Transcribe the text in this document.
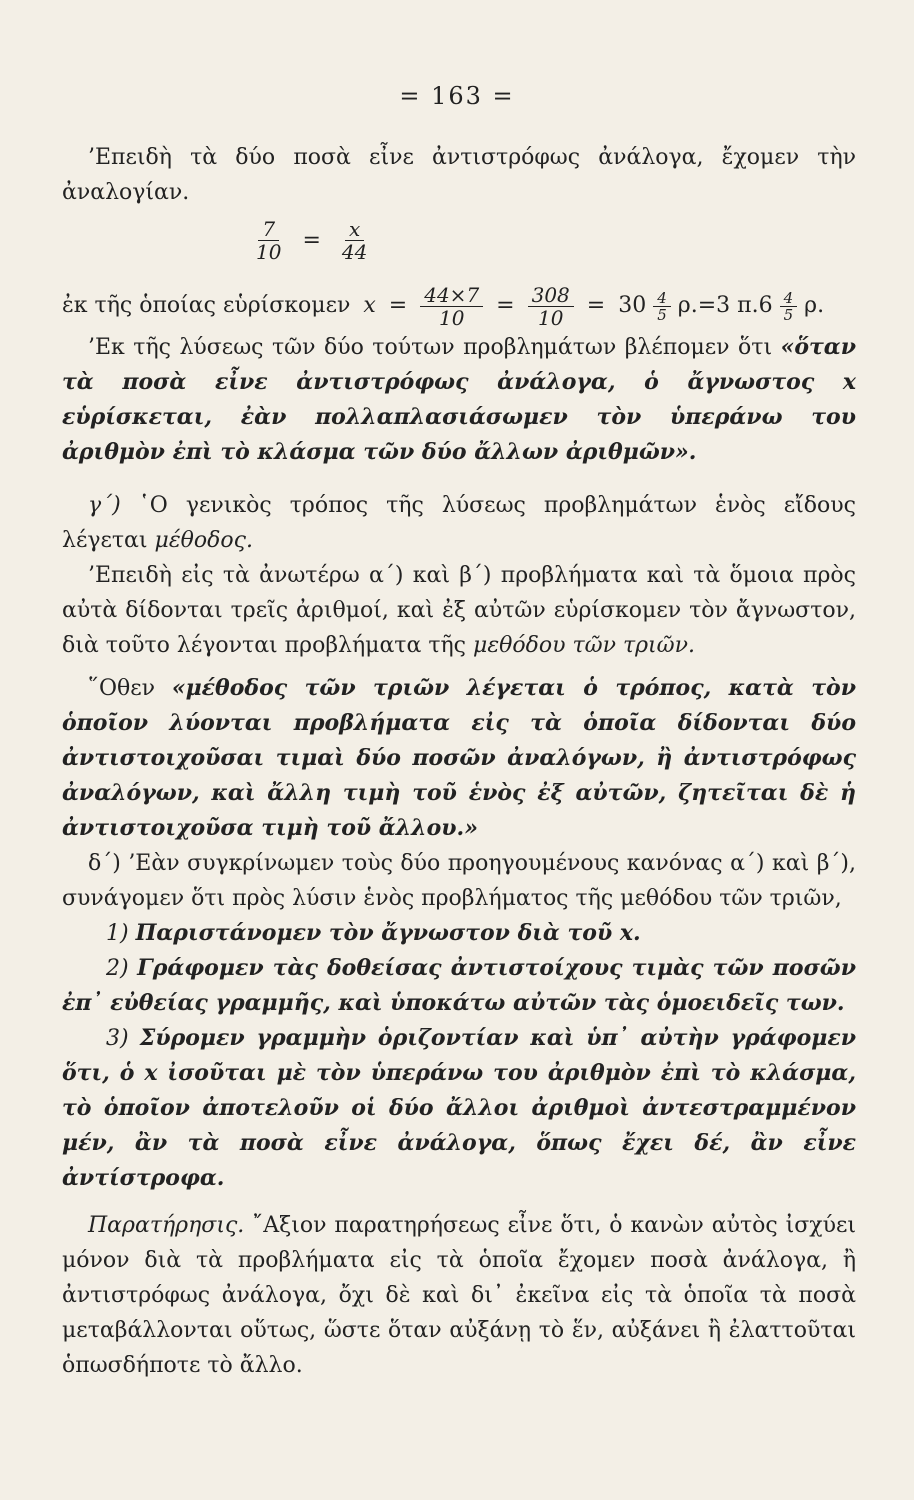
= 163 =

’Επειδὴ τὰ δύο ποσὰ εἶνε ἀντιστρόφως ἀνάλογα, ἔχομεν τὴν ἀναλογίαν.

$\frac{7}{10} = \frac{x}{44}$

ἐκ τῆς ὁποίας εὑρίσκομεν $x = \frac{44\times 7}{10} = \frac{308}{10} = 30 \frac{4}{5} \rho.=3$ $\pi.6 \frac{4}{5} \rho$.

’Εκ τῆς λύσεως τῶν δύο τούτων προβλημάτων βλέπομεν ὅτι «ὅταν τὰ ποσὰ εἶνε ἀντιστρόφως ἀνάλογα, ὁ ἄγνωστος x εὑρίσκεται, ἐὰν πολλαπλασιάσωμεν τὸν ὑπεράνω του ἀριθμὸν ἐπὶ τὸ κλάσμα τῶν δύο ἄλλων ἀριθμῶν».

γ΄) ῾Ο γενικὸς τρόπος τῆς λύσεως προβλημάτων ἑνὸς εἴδους λέγεται μέθοδος.

’Επειδὴ εἰς τὰ ἀνωτέρω α΄) καὶ β΄) προβλήματα καὶ τὰ ὅμοια πρὸς αὐτὰ δίδονται τρεῖς ἀριθμοί, καὶ ἐξ αὐτῶν εὑρίσκομεν τὸν ἄγνωστον, διὰ τοῦτο λέγονται προβλήματα τῆς μεθόδου τῶν τριῶν.

῞Οθεν «μέθοδος τῶν τριῶν λέγεται ὁ τρόπος, κατὰ τὸν ὁποῖον λύονται προβλήματα εἰς τὰ ὁποῖα δίδονται δύο ἀντιστοιχοῦσαι τιμαὶ δύο ποσῶν ἀναλόγων, ἢ ἀντιστρόφως ἀναλόγων, καὶ ἄλλη τιμὴ τοῦ ἑνὸς ἐξ αὐτῶν, ζητεῖται δὲ ἡ ἀντιστοιχοῦσα τιμὴ τοῦ ἄλλου.»

δ΄) ’Εὰν συγκρίνωμεν τοὺς δύο προηγουμένους κανόνας α΄) καὶ β΄), συνάγομεν ὅτι πρὸς λύσιν ἑνὸς προβλήματος τῆς μεθόδου τῶν τριῶν,

1) Παριστάνομεν τὸν ἄγνωστον διὰ τοῦ x.

2) Γράφομεν τὰς δοθείσας ἀντιστοίχους τιμὰς τῶν ποσῶν ἐπ᾽ εὐθείας γραμμῆς, καὶ ὑποκάτω αὐτῶν τὰς ὁμοειδεῖς των.

3) Σύρομεν γραμμὴν ὁριζοντίαν καὶ ὑπ᾽ αὐτὴν γράφομεν ὅτι, ὁ x ἰσοῦται μὲ τὸν ὑπεράνω του ἀριθμὸν ἐπὶ τὸ κλάσμα, τὸ ὁποῖον ἀποτελοῦν οἱ δύο ἄλλοι ἀριθμοὶ ἀντεστραμμένον μέν, ἂν τὰ ποσὰ εἶνε ἀνάλογα, ὅπως ἔχει δέ, ἂν εἶνε ἀντίστροφα.

Παρατήρησις. ῎Αξιον παρατηρήσεως εἶνε ὅτι, ὁ κανὼν αὐτὸς ἰσχύει μόνον διὰ τὰ προβλήματα εἰς τὰ ὁποῖα ἔχομεν ποσὰ ἀνάλογα, ἢ ἀντιστρόφως ἀνάλογα, ὄχι δὲ καὶ δι᾽ ἐκεῖνα εἰς τὰ ὁποῖα τὰ ποσὰ μεταβάλλονται οὕτως, ὥστε ὅταν αὐξάνῃ τὸ ἕν, αὐξάνει ἢ ἐλαττοῦται ὁπωσδήποτε τὸ ἄλλο.
